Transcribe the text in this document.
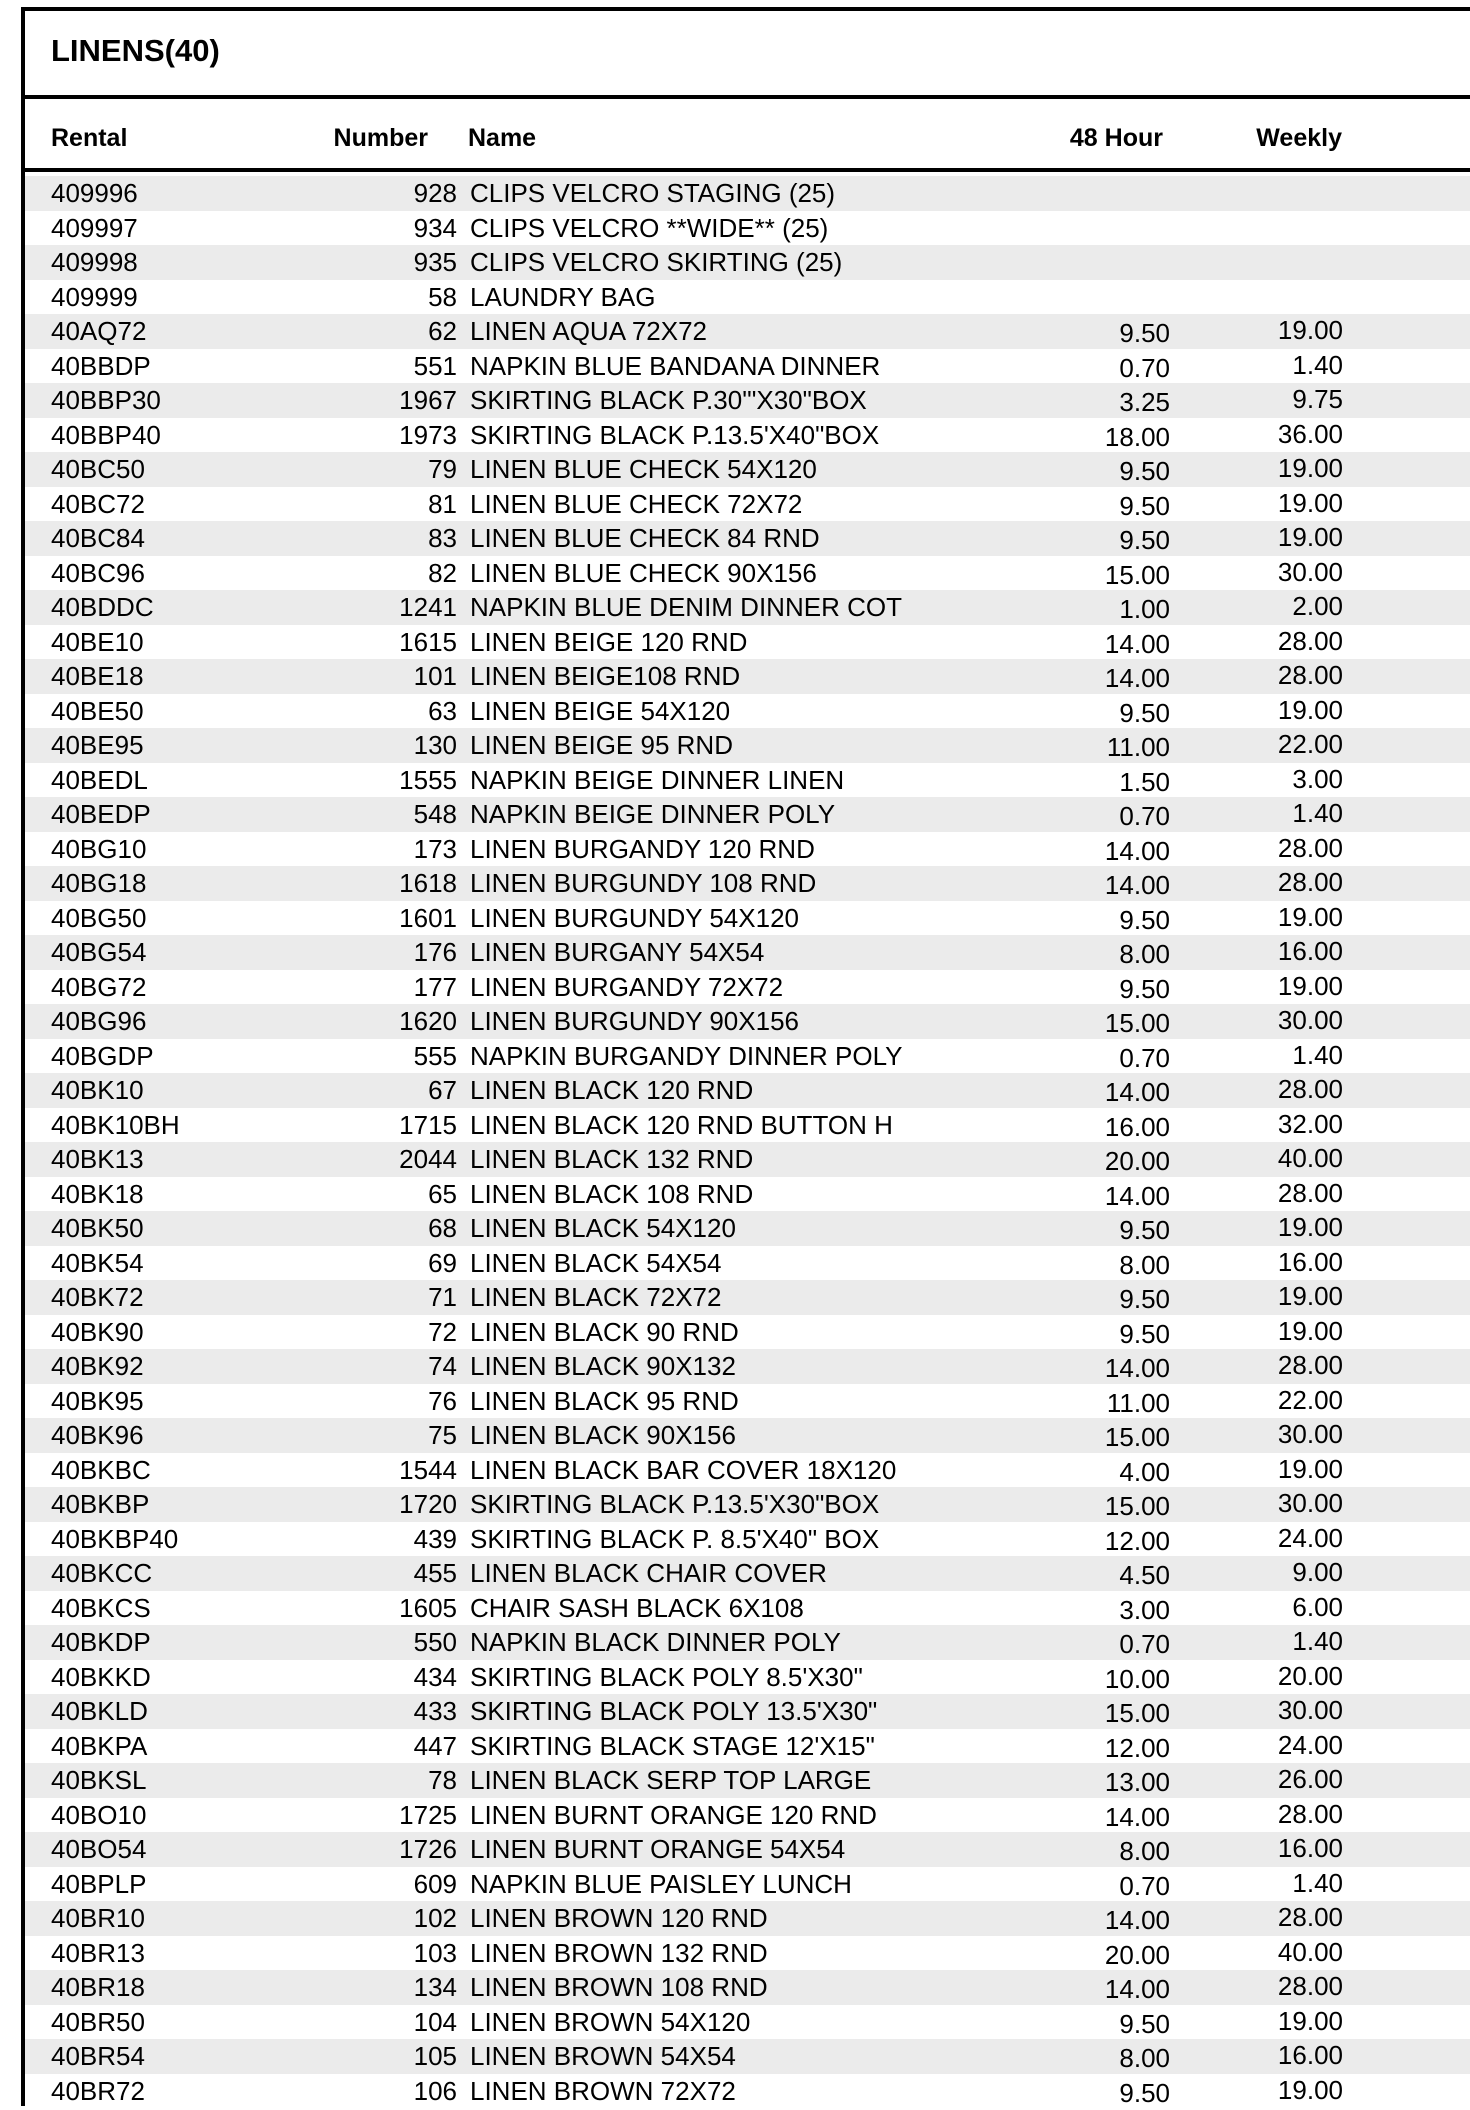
LINENS(40)
Rental	Number Name	48 Hour	Weekly
409996	928 CLIPS VELCRO STAGING (25)
409997	934 CLIPS VELCRO **WIDE** (25)
409998	935 CLIPS VELCRO SKIRTING (25)
409999	58 LAUNDRY BAG
40AQ72	62 LINEN AQUA 72X72	9.50	19.00
40BBDP	551 NAPKIN BLUE BANDANA DINNER	0.70	1.40
40BBP30	1967 SKIRTING BLACK P.30'"X30"BOX	3.25	9.75
40BBP40	1973 SKIRTING BLACK P.13.5'X40"BOX	18.00	36.00
40BC50	79 LINEN BLUE CHECK 54X120	9.50	19.00
40BC72	81 LINEN BLUE CHECK 72X72	9.50	19.00
40BC84	83 LINEN BLUE CHECK 84 RND	9.50	19.00
40BC96	82 LINEN BLUE CHECK 90X156	15.00	30.00
40BDDC	1241 NAPKIN BLUE DENIM DINNER COT	1.00	2.00
40BE10	1615 LINEN BEIGE 120 RND	14.00	28.00
40BE18	101 LINEN BEIGE108 RND	14.00	28.00
40BE50	63 LINEN BEIGE 54X120	9.50	19.00
40BE95	130 LINEN BEIGE 95 RND	11.00	22.00
40BEDL	1555 NAPKIN BEIGE DINNER LINEN	1.50	3.00
40BEDP	548 NAPKIN BEIGE DINNER POLY	0.70	1.40
40BG10	173 LINEN BURGANDY 120 RND	14.00	28.00
40BG18	1618 LINEN BURGUNDY 108 RND	14.00	28.00
40BG50	1601 LINEN BURGUNDY 54X120	9.50	19.00
40BG54	176 LINEN BURGANY 54X54	8.00	16.00
40BG72	177 LINEN BURGANDY 72X72	9.50	19.00
40BG96	1620 LINEN BURGUNDY 90X156	15.00	30.00
40BGDP	555 NAPKIN BURGANDY DINNER POLY	0.70	1.40
40BK10	67 LINEN BLACK 120 RND	14.00	28.00
40BK10BH	1715 LINEN BLACK 120 RND BUTTON H	16.00	32.00
40BK13	2044 LINEN BLACK 132 RND	20.00	40.00
40BK18	65 LINEN BLACK 108 RND	14.00	28.00
40BK50	68 LINEN BLACK 54X120	9.50	19.00
40BK54	69 LINEN BLACK 54X54	8.00	16.00
40BK72	71 LINEN BLACK 72X72	9.50	19.00
40BK90	72 LINEN BLACK 90 RND	9.50	19.00
40BK92	74 LINEN BLACK 90X132	14.00	28.00
40BK95	76 LINEN BLACK 95 RND	11.00	22.00
40BK96	75 LINEN BLACK 90X156	15.00	30.00
40BKBC	1544 LINEN BLACK BAR COVER 18X120	4.00	19.00
40BKBP	1720 SKIRTING BLACK P.13.5'X30"BOX	15.00	30.00
40BKBP40	439 SKIRTING BLACK P. 8.5'X40" BOX	12.00	24.00
40BKCC	455 LINEN BLACK CHAIR COVER	4.50	9.00
40BKCS	1605 CHAIR SASH BLACK 6X108	3.00	6.00
40BKDP	550 NAPKIN BLACK DINNER POLY	0.70	1.40
40BKKD	434 SKIRTING BLACK POLY 8.5'X30"	10.00	20.00
40BKLD	433 SKIRTING BLACK POLY 13.5'X30"	15.00	30.00
40BKPA	447 SKIRTING BLACK STAGE 12'X15"	12.00	24.00
40BKSL	78 LINEN BLACK SERP TOP LARGE	13.00	26.00
40BO10	1725 LINEN BURNT ORANGE 120 RND	14.00	28.00
40BO54	1726 LINEN BURNT ORANGE 54X54	8.00	16.00
40BPLP	609 NAPKIN BLUE PAISLEY LUNCH	0.70	1.40
40BR10	102 LINEN BROWN 120 RND	14.00	28.00
40BR13	103 LINEN BROWN 132 RND	20.00	40.00
40BR18	134 LINEN BROWN 108 RND	14.00	28.00
40BR50	104 LINEN BROWN 54X120	9.50	19.00
40BR54	105 LINEN BROWN 54X54	8.00	16.00
40BR72	106 LINEN BROWN 72X72	9.50	19.00
